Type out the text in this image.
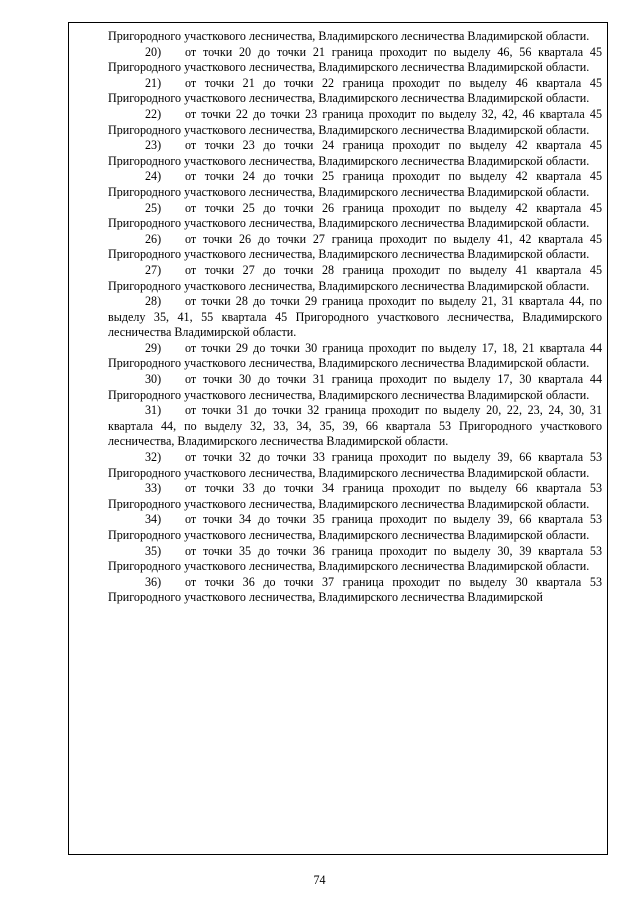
Пригородного участкового лесничества, Владимирского лесничества Владимирской области.

20) от точки 20 до точки 21 граница проходит по выделу 46, 56 квартала 45 Пригородного участкового лесничества, Владимирского лесничества Владимирской области.

21) от точки 21 до точки 22 граница проходит по выделу 46 квартала 45 Пригородного участкового лесничества, Владимирского лесничества Владимирской области.

22) от точки 22 до точки 23 граница проходит по выделу 32, 42, 46 квартала 45 Пригородного участкового лесничества, Владимирского лесничества Владимирской области.

23) от точки 23 до точки 24 граница проходит по выделу 42 квартала 45 Пригородного участкового лесничества, Владимирского лесничества Владимирской области.

24) от точки 24 до точки 25 граница проходит по выделу 42 квартала 45 Пригородного участкового лесничества, Владимирского лесничества Владимирской области.

25) от точки 25 до точки 26 граница проходит по выделу 42 квартала 45 Пригородного участкового лесничества, Владимирского лесничества Владимирской области.

26) от точки 26 до точки 27 граница проходит по выделу 41, 42 квартала 45 Пригородного участкового лесничества, Владимирского лесничества Владимирской области.

27) от точки 27 до точки 28 граница проходит по выделу 41 квартала 45 Пригородного участкового лесничества, Владимирского лесничества Владимирской области.

28) от точки 28 до точки 29 граница проходит по выделу 21, 31 квартала 44, по выделу 35, 41, 55 квартала 45 Пригородного участкового лесничества, Владимирского лесничества Владимирской области.

29) от точки 29 до точки 30 граница проходит по выделу 17, 18, 21 квартала 44 Пригородного участкового лесничества, Владимирского лесничества Владимирской области.

30) от точки 30 до точки 31 граница проходит по выделу 17, 30 квартала 44 Пригородного участкового лесничества, Владимирского лесничества Владимирской области.

31) от точки 31 до точки 32 граница проходит по выделу 20, 22, 23, 24, 30, 31 квартала 44, по выделу 32, 33, 34, 35, 39, 66 квартала 53 Пригородного участкового лесничества, Владимирского лесничества Владимирской области.

32) от точки 32 до точки 33 граница проходит по выделу 39, 66 квартала 53 Пригородного участкового лесничества, Владимирского лесничества Владимирской области.

33) от точки 33 до точки 34 граница проходит по выделу 66 квартала 53 Пригородного участкового лесничества, Владимирского лесничества Владимирской области.

34) от точки 34 до точки 35 граница проходит по выделу 39, 66 квартала 53 Пригородного участкового лесничества, Владимирского лесничества Владимирской области.

35) от точки 35 до точки 36 граница проходит по выделу 30, 39 квартала 53 Пригородного участкового лесничества, Владимирского лесничества Владимирской области.

36) от точки 36 до точки 37 граница проходит по выделу 30 квартала 53 Пригородного участкового лесничества, Владимирского лесничества Владимирской

74
